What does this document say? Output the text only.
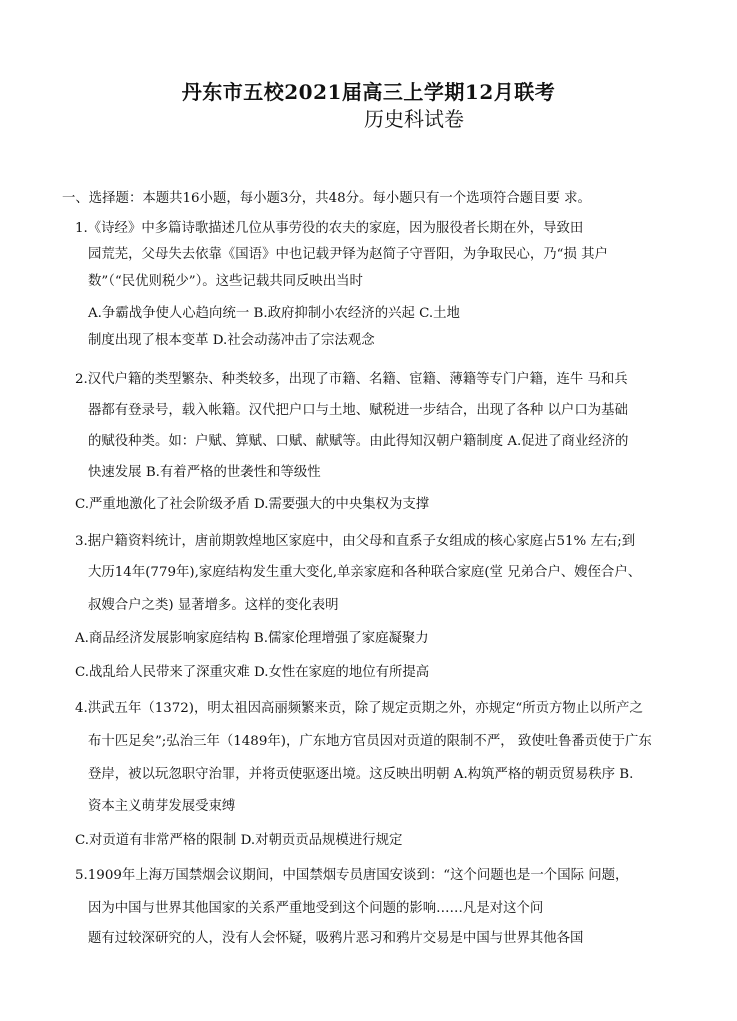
丹东市五校2021届高三上学期12月联考
历史科试卷
一、选择题：本题共16小题，每小题3分，共48分。每小题只有一个选项符合题目要 求。
1.《诗经》中多篇诗歌描述几位从事劳役的农夫的家庭，因为服役者长期在外，导致田
园荒芜，父母失去依靠《国语》中也记载尹铎为赵简子守晋阳，为争取民心，乃“损 其户
数”（“民优则税少”）。这些记载共同反映出当时
A.争霸战争使人心趋向统一 B.政府抑制小农经济的兴起 C.土地
制度出现了根本变革 D.社会动荡冲击了宗法观念
2.汉代户籍的类型繁杂、种类较多，出现了市籍、名籍、宦籍、薄籍等专门户籍，连牛 马和兵
器都有登录号，载入帐籍。汉代把户口与土地、赋税进一步结合，出现了各种 以户口为基础
的赋役种类。如：户赋、算赋、口赋、献赋等。由此得知汉朝户籍制度 A.促进了商业经济的
快速发展 B.有着严格的世袭性和等级性
C.严重地激化了社会阶级矛盾 D.需要强大的中央集权为支撑
3.据户籍资料统计，唐前期敦煌地区家庭中，由父母和直系子女组成的核心家庭占51% 左右;到
大历14年(779年),家庭结构发生重大变化,单亲家庭和各种联合家庭(堂 兄弟合户、嫂侄合户、
叔嫂合户之类) 显著增多。这样的变化表明
A.商品经济发展影响家庭结构 B.儒家伦理增强了家庭凝聚力
C.战乱给人民带来了深重灾难 D.女性在家庭的地位有所提高
4.洪武五年（1372)，明太祖因高丽频繁来贡，除了规定贡期之外，亦规定“所贡方物止以所产之
布十匹足矣”;弘治三年（1489年)，广东地方官员因对贡道的限制不严， 致使吐鲁番贡使于广东
登岸，被以玩忽职守治罪，并将贡使驱逐出境。这反映出明朝 A.构筑严格的朝贡贸易秩序 B.
资本主义萌芽发展受束缚
C.对贡道有非常严格的限制 D.对朝贡贡品规模进行规定
5.1909年上海万国禁烟会议期间，中国禁烟专员唐国安谈到：“这个问题也是一个国际 问题，
因为中国与世界其他国家的关系严重地受到这个问题的影响……凡是对这个问
题有过较深研究的人，没有人会怀疑，吸鸦片恶习和鸦片交易是中国与世界其他各国
